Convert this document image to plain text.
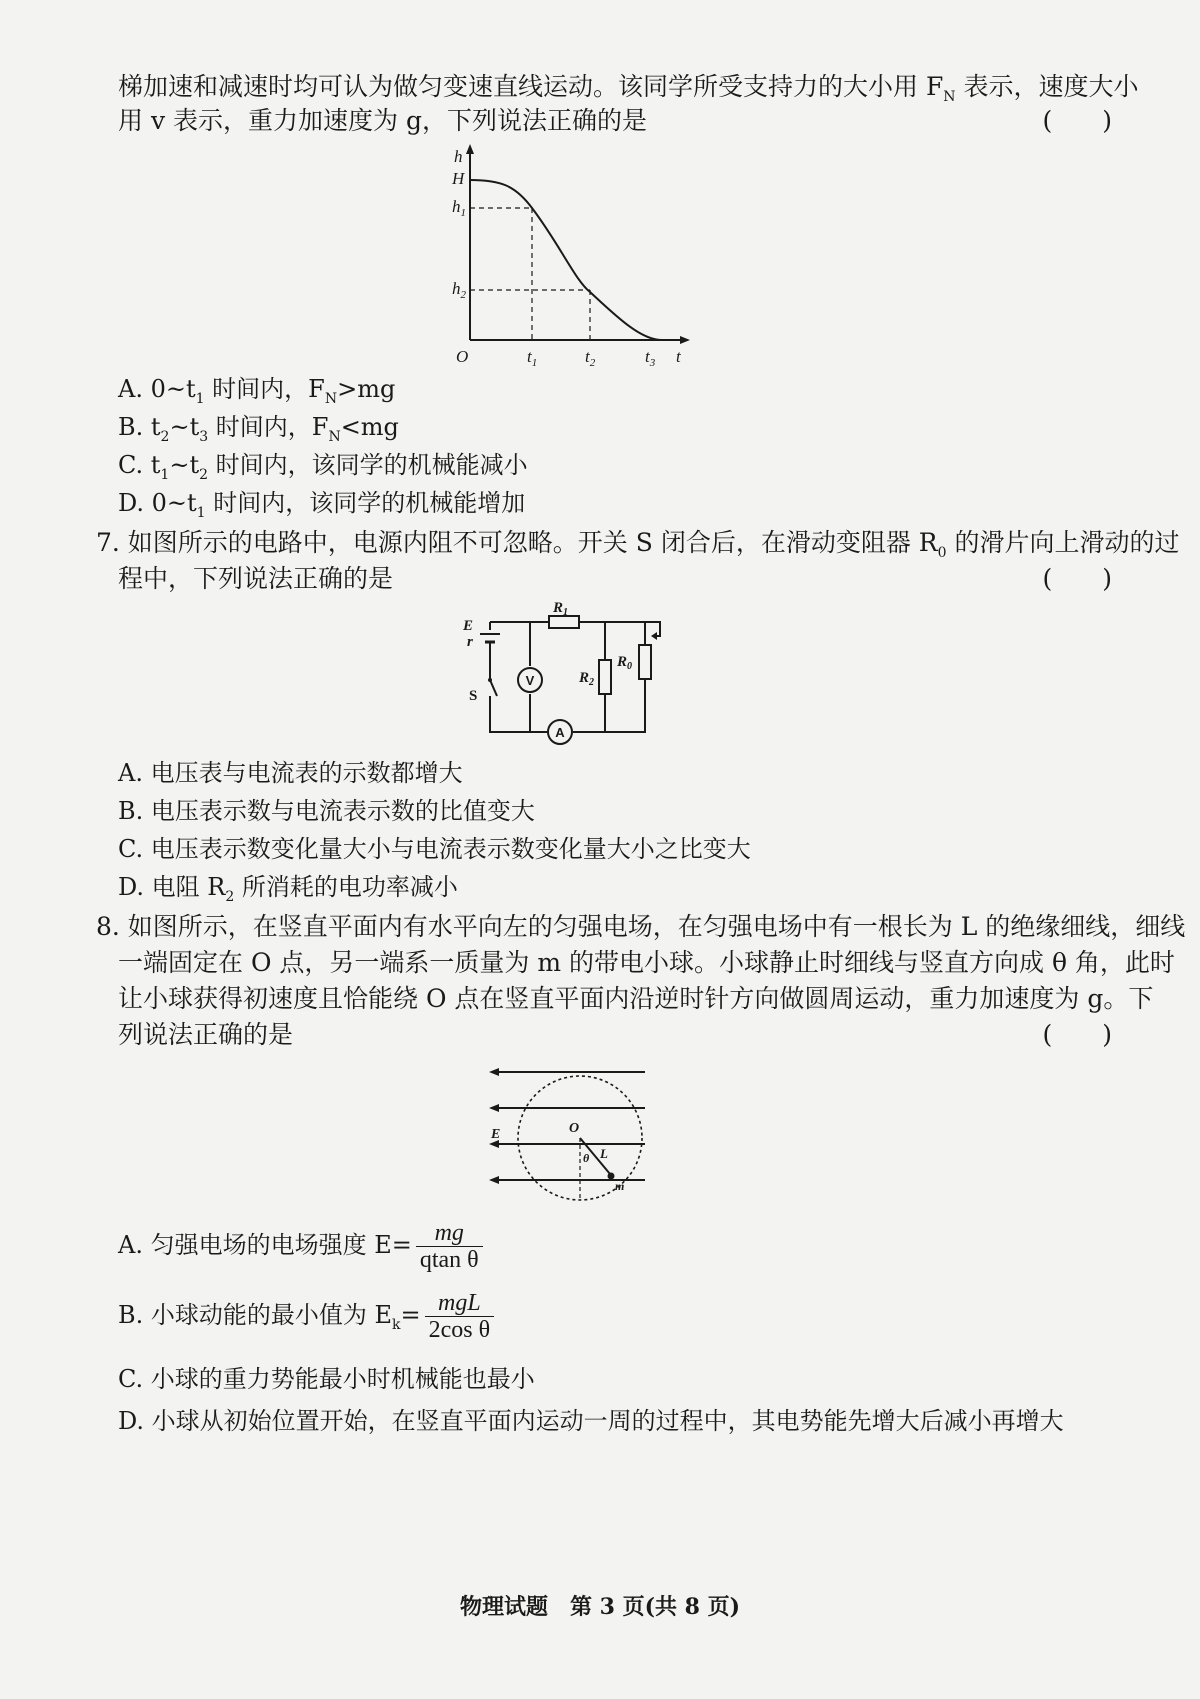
梯加速和减速时均可认为做匀变速直线运动。该同学所受支持力的大小用 $F_N$ 表示，速度大小
用 v 表示，重力加速度为 g，下列说法正确的是	(　　)
h
H
$h_1$
$h_2$
O	$t_1$	$t_2$	$t_3$ t
A. $0\sim t_1$ 时间内，$F_N>mg$
B. $t_2\sim t_3$ 时间内，$F_N<mg$
C. $t_1\sim t_2$ 时间内，该同学的机械能减小
D. $0\sim t_1$ 时间内，该同学的机械能增加
7. 如图所示的电路中，电源内阻不可忽略。开关 S 闭合后，在滑动变阻器 $R_0$ 的滑片向上滑动的过
程中，下列说法正确的是	(　　)
$R_1$
$R_2$
$R_0$
E
r
S
V
A
A. 电压表与电流表的示数都增大
B. 电压表示数与电流表示数的比值变大
C. 电压表示数变化量大小与电流表示数变化量大小之比变大
D. 电阻 $R_2$ 所消耗的电功率减小
8. 如图所示，在竖直平面内有水平向左的匀强电场，在匀强电场中有一根长为 L 的绝缘细线，细线
一端固定在 O 点，另一端系一质量为 m 的带电小球。小球静止时细线与竖直方向成 θ 角，此时
让小球获得初速度且恰能绕 O 点在竖直平面内沿逆时针方向做圆周运动，重力加速度为 g。下
列说法正确的是	(　　)
E	O
θ L
m
A. 匀强电场的电场强度 $E= \frac{mg}{\text{qtan θ}}$
B. 小球动能的最小值为 $E_k= \frac{\text{mgL}}{\text{2cos θ}}$
C. 小球的重力势能最小时机械能也最小
D. 小球从初始位置开始，在竖直平面内运动一周的过程中，其电势能先增大后减小再增大
物理试题　第 3 页(共 8 页)
